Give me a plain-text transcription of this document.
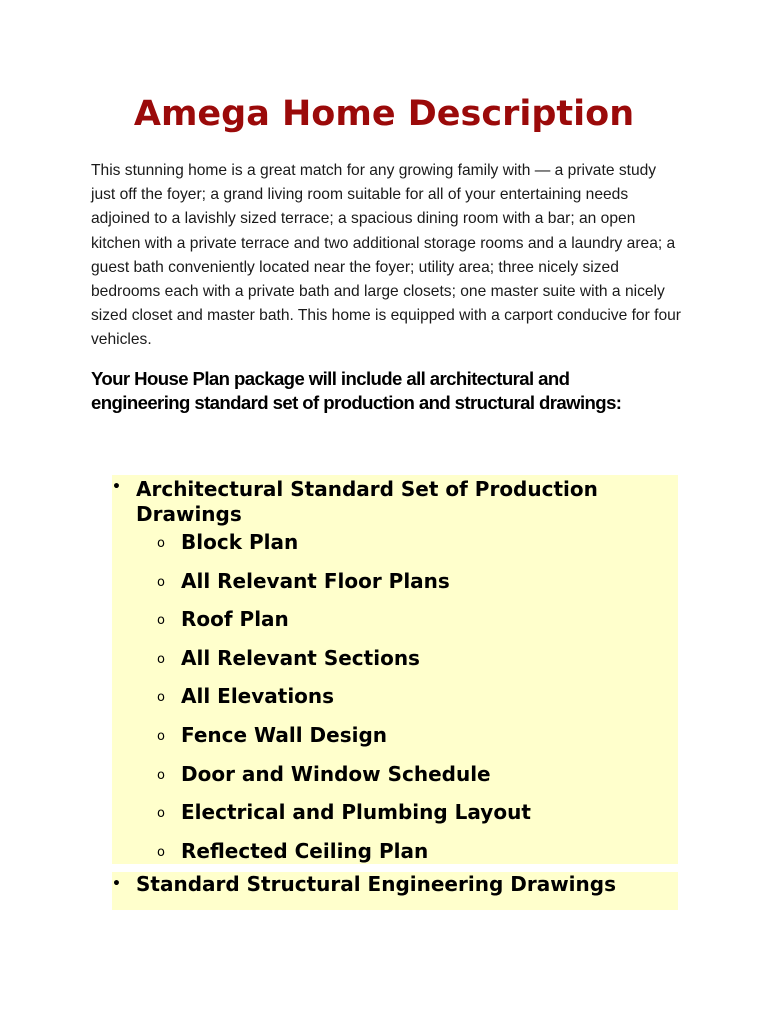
Amega Home Description

This stunning home is a great match for any growing family with — a private study just off the foyer; a grand living room suitable for all of your entertaining needs adjoined to a lavishly sized terrace; a spacious dining room with a bar; an open kitchen with a private terrace and two additional storage rooms and a laundry area; a guest bath conveniently located near the foyer; utility area; three nicely sized bedrooms each with a private bath and large closets; one master suite with a nicely sized closet and master bath. This home is equipped with a carport conducive for four vehicles.

Your House Plan package will include all architectural and engineering standard set of production and structural drawings:

• Architectural Standard Set of Production Drawings
o Block Plan
o All Relevant Floor Plans
o Roof Plan
o All Relevant Sections
o All Elevations
o Fence Wall Design
o Door and Window Schedule
o Electrical and Plumbing Layout
o Reflected Ceiling Plan
• Standard Structural Engineering Drawings
